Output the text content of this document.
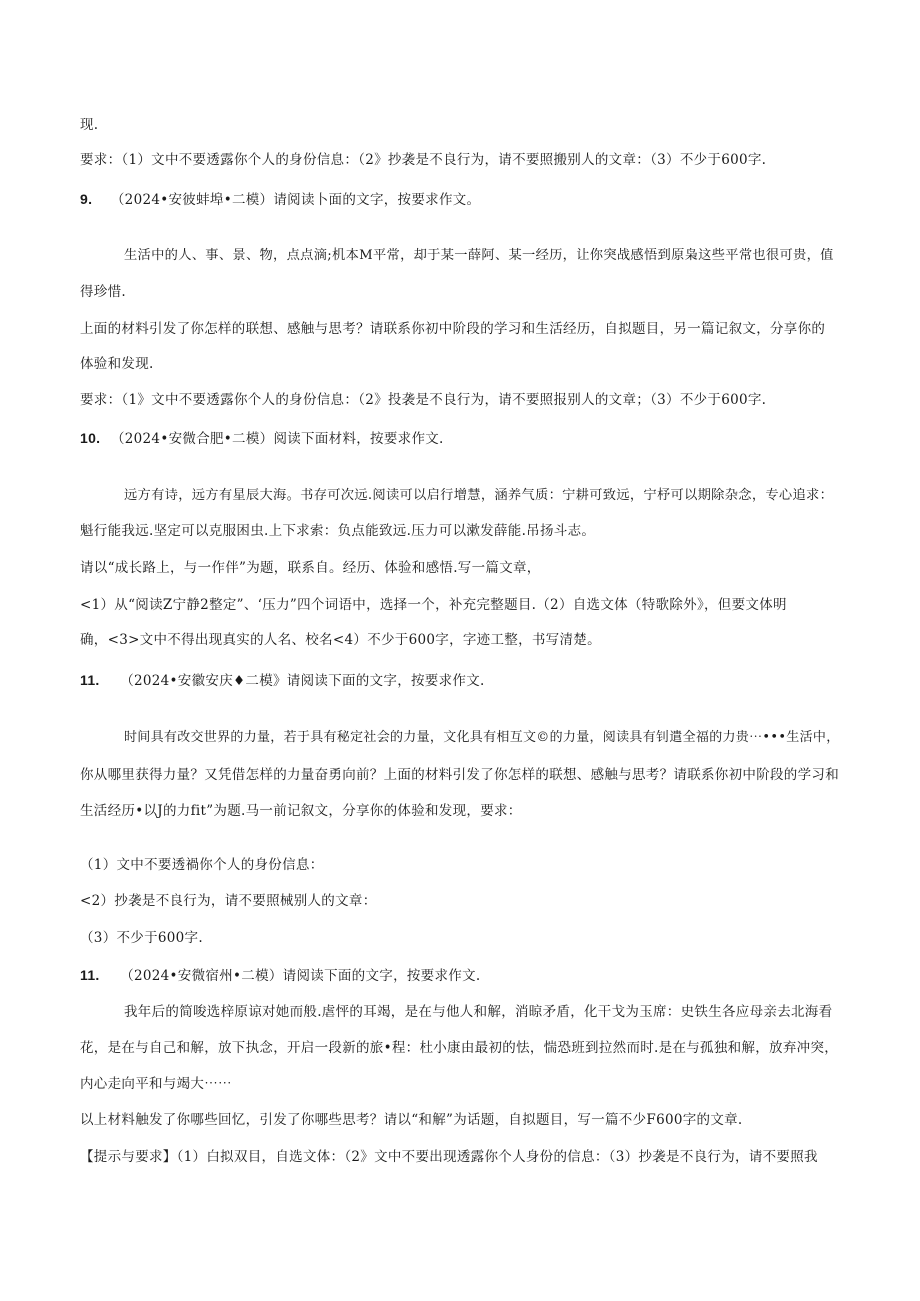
现.
要求：（1）文中不要透露你个人的身份信息：（2》抄袭是不良行为，请不要照搬别人的文章：（3）不少于600字.
9. （2024•安彼蚌埠•二模）请阅读卜面的文字，按要求作文。
生活中的人、事、景、物，点点滴;机本M平常，却于某一薛阿、某一经历，让你突战感悟到原枭这些平常也很可贵，值
得珍惜.
上面的材料引发了你怎样的联想、感触与思考？请联系你初中阶段的学习和生活经历，自拟题目，另一篇记叙文，分享你的
体验和发现.
要求：（1》文中不要透露你个人的身份信息：（2》投袭是不良行为，请不要照报别人的文章；（3）不少于600字.
10. （2024•安微合肥•二模）阅读下面材料，按要求作文.
远方有诗，远方有星辰大海。书存可次远.阅读可以启行增慧，涵养气质：宁耕可致远，宁杼可以期除杂念，专心追求：
魁行能我远.坚定可以克服困虫.上下求索：负点能致远.压力可以漱发薛能.吊扬斗志。
请以“成长路上，与一作伴”为题，联系自。经历、体验和感悟.写一篇文章，
<1）从“阅读Z宁静2整定”、‘压力”四个词语中，选择一个，补充完整题目.（2）自选文体（特歌除外》，但要文体明
确，<3>文中不得出现真实的人名、校名<4）不少于600字，字迹工整，书写清楚。
11. （2024•安徽安庆♦二模》请阅读下面的文字，按要求作文.
时间具有改交世界的力量，若于具有秘定社会的力量，文化具有相互文©的力量，阅读具有钊遣全福的力贵⋯•••生活中，
你从哪里获得力量？又凭借怎样的力量奋勇向前？上面的材料引发了你怎样的联想、感触与思考？请联系你初中阶段的学习和
生活经历•以J的力fit”为题.马一前记叙文，分享你的体验和发现，要求：
（1）文中不要透禍你个人的身份信息：
<2）抄袭是不良行为，请不要照械别人的文章：
（3）不少于600字.
11. （2024•安微宿州•二模）请阅读下面的文字，按要求作文.
我年后的简唆选梓原谅对她而般.虐怦的耳竭，是在与他人和解，消晾矛盾，化干戈为玉席：史铁生各应母亲去北海看
花，是在与自己和解，放下执念，开启一段新的旅•程：杜小康由最初的怯，惴恐班到拉然而时.是在与孤独和解，放弃冲突，
内心走向平和与竭大⋯⋯
以上材料触发了你哪些回忆，引发了你哪些思考？请以“和解”为话题，自拟题目，写一篇不少F600字的文章.
【提示与要求】（1）白拟双目，自选文体：（2》文中不要出现透露你个人身份的信息：（3）抄袭是不良行为，请不要照我
